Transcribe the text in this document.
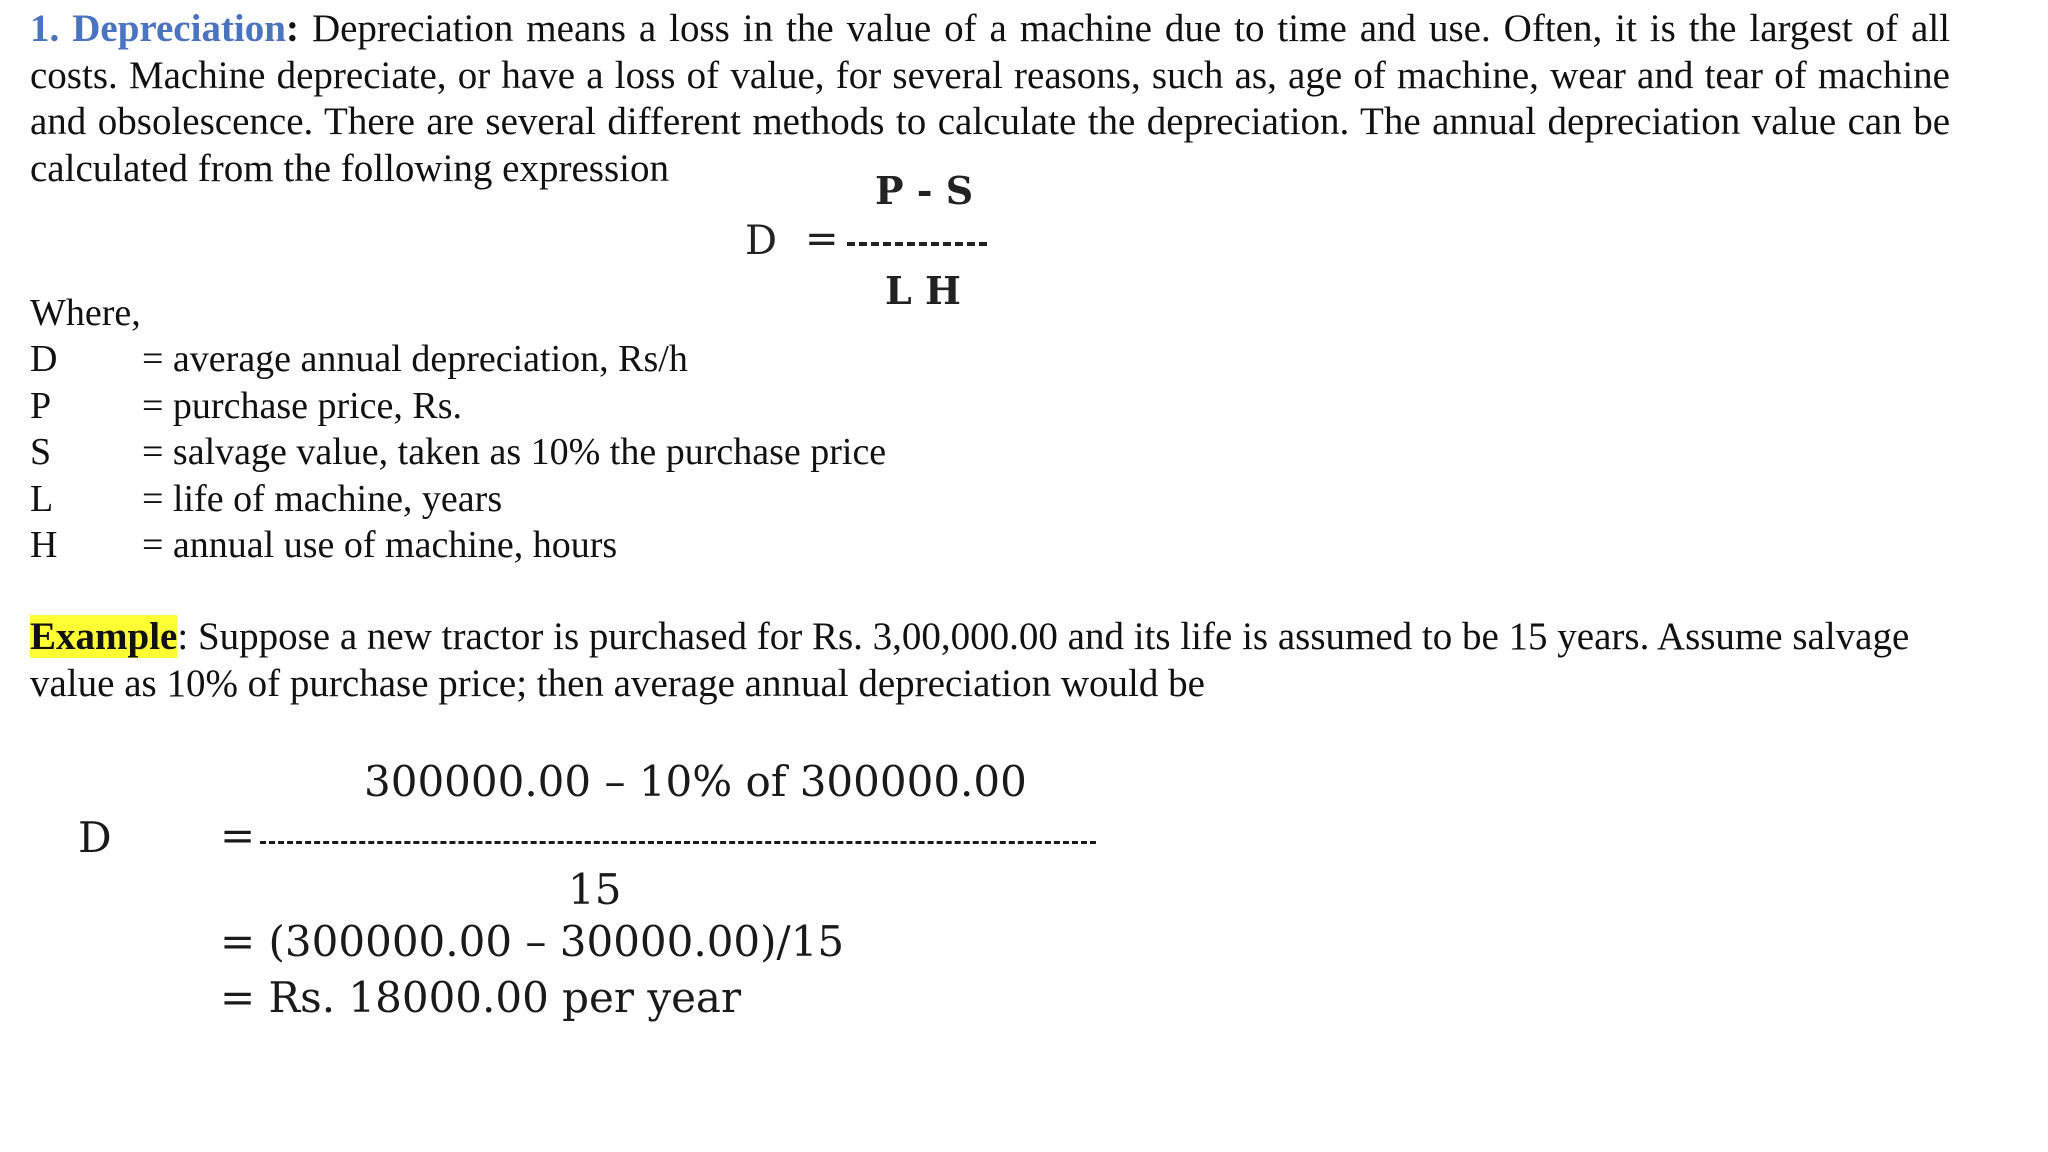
1. Depreciation: Depreciation means a loss in the value of a machine due to time and use. Often, it is the largest of all costs. Machine depreciate, or have a loss of value, for several reasons, such as, age of machine, wear and tear of machine and obsolescence. There are several different methods to calculate the depreciation. The annual depreciation value can be calculated from the following expression	P - S
D =
L H

Where,

D = average annual depreciation, Rs/h
P = purchase price, Rs.
S = salvage value, taken as 10% the purchase price
L = life of machine, years
H = annual use of machine, hours

Example: Suppose a new tractor is purchased for Rs. 3,00,000.00 and its life is assumed to be 15 years. Assume salvage value as 10% of purchase price; then average annual depreciation would be

300000.00 – 10% of 300000.00
D	=
15
= (300000.00 – 30000.00)/15
= Rs. 18000.00 per year
